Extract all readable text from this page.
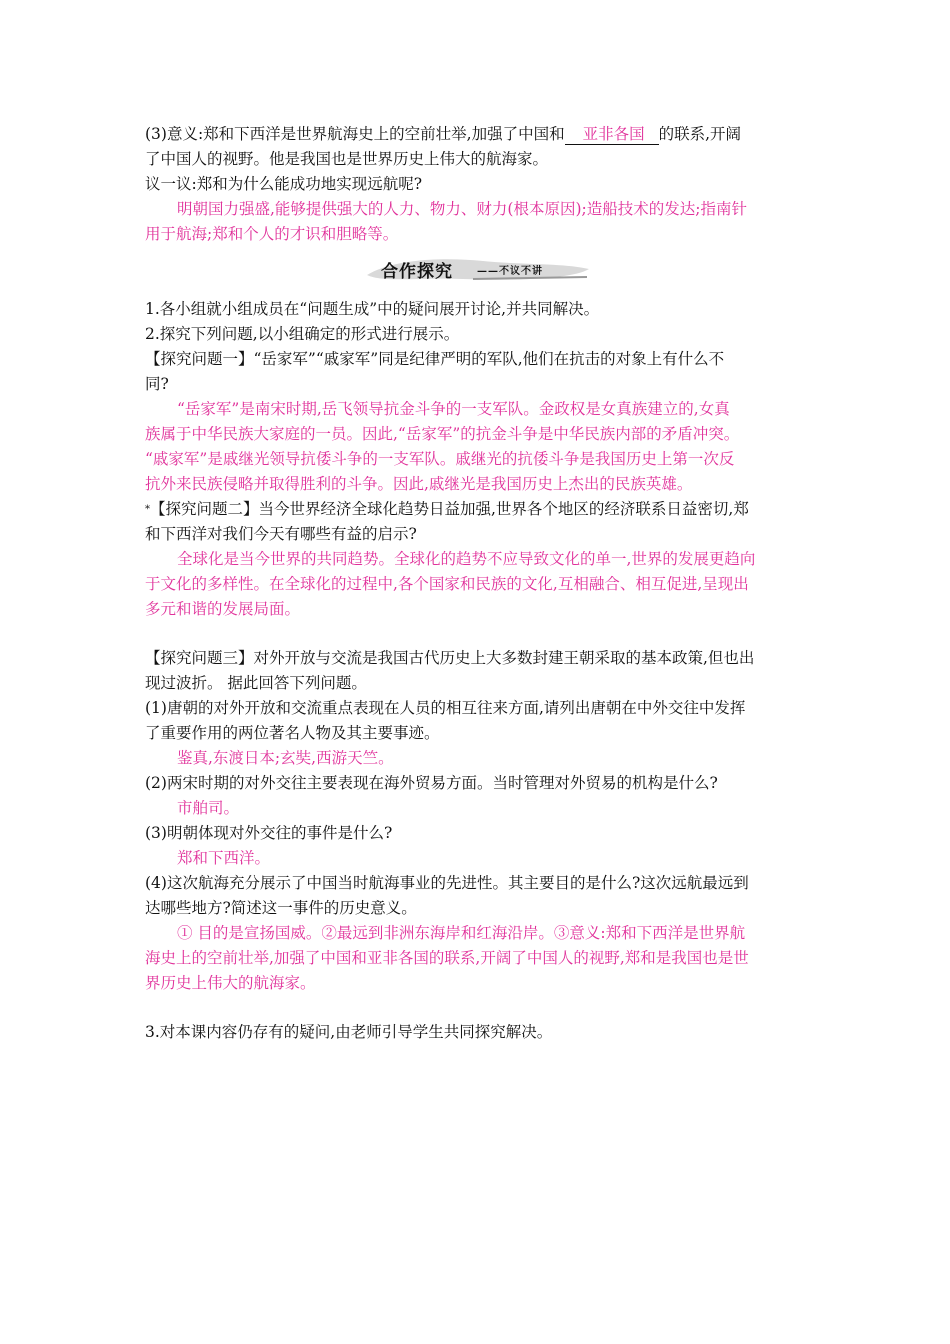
(3)意义:郑和下西洋是世界航海史上的空前壮举,加强了中国和 亚非各国 的联系,开阔
了中国人的视野。他是我国也是世界历史上伟大的航海家。
议一议:郑和为什么能成功地实现远航呢?
明朝国力强盛,能够提供强大的人力、物力、财力(根本原因);造船技术的发达;指南针
用于航海;郑和个人的才识和胆略等。
合作探究 ——不议不讲
1.各小组就小组成员在“问题生成”中的疑问展开讨论,并共同解决。
2.探究下列问题,以小组确定的形式进行展示。
【探究问题一】“岳家军”“戚家军”同是纪律严明的军队,他们在抗击的对象上有什么不
同?
“岳家军”是南宋时期,岳飞领导抗金斗争的一支军队。金政权是女真族建立的,女真
族属于中华民族大家庭的一员。因此,“岳家军”的抗金斗争是中华民族内部的矛盾冲突。
“戚家军”是戚继光领导抗倭斗争的一支军队。戚继光的抗倭斗争是我国历史上第一次反
抗外来民族侵略并取得胜利的斗争。因此,戚继光是我国历史上杰出的民族英雄。
*【探究问题二】当今世界经济全球化趋势日益加强,世界各个地区的经济联系日益密切,郑
和下西洋对我们今天有哪些有益的启示?
全球化是当今世界的共同趋势。全球化的趋势不应导致文化的单一,世界的发展更趋向
于文化的多样性。在全球化的过程中,各个国家和民族的文化,互相融合、相互促进,呈现出
多元和谐的发展局面。
【探究问题三】对外开放与交流是我国古代历史上大多数封建王朝采取的基本政策,但也出
现过波折。 据此回答下列问题。
(1)唐朝的对外开放和交流重点表现在人员的相互往来方面,请列出唐朝在中外交往中发挥
了重要作用的两位著名人物及其主要事迹。
鉴真,东渡日本;玄奘,西游天竺。
(2)两宋时期的对外交往主要表现在海外贸易方面。当时管理对外贸易的机构是什么?
市舶司。
(3)明朝体现对外交往的事件是什么?
郑和下西洋。
(4)这次航海充分展示了中国当时航海事业的先进性。其主要目的是什么?这次远航最远到
达哪些地方?简述这一事件的历史意义。
① 目的是宣扬国威。②最远到非洲东海岸和红海沿岸。③意义:郑和下西洋是世界航
海史上的空前壮举,加强了中国和亚非各国的联系,开阔了中国人的视野,郑和是我国也是世
界历史上伟大的航海家。
3.对本课内容仍存有的疑问,由老师引导学生共同探究解决。
